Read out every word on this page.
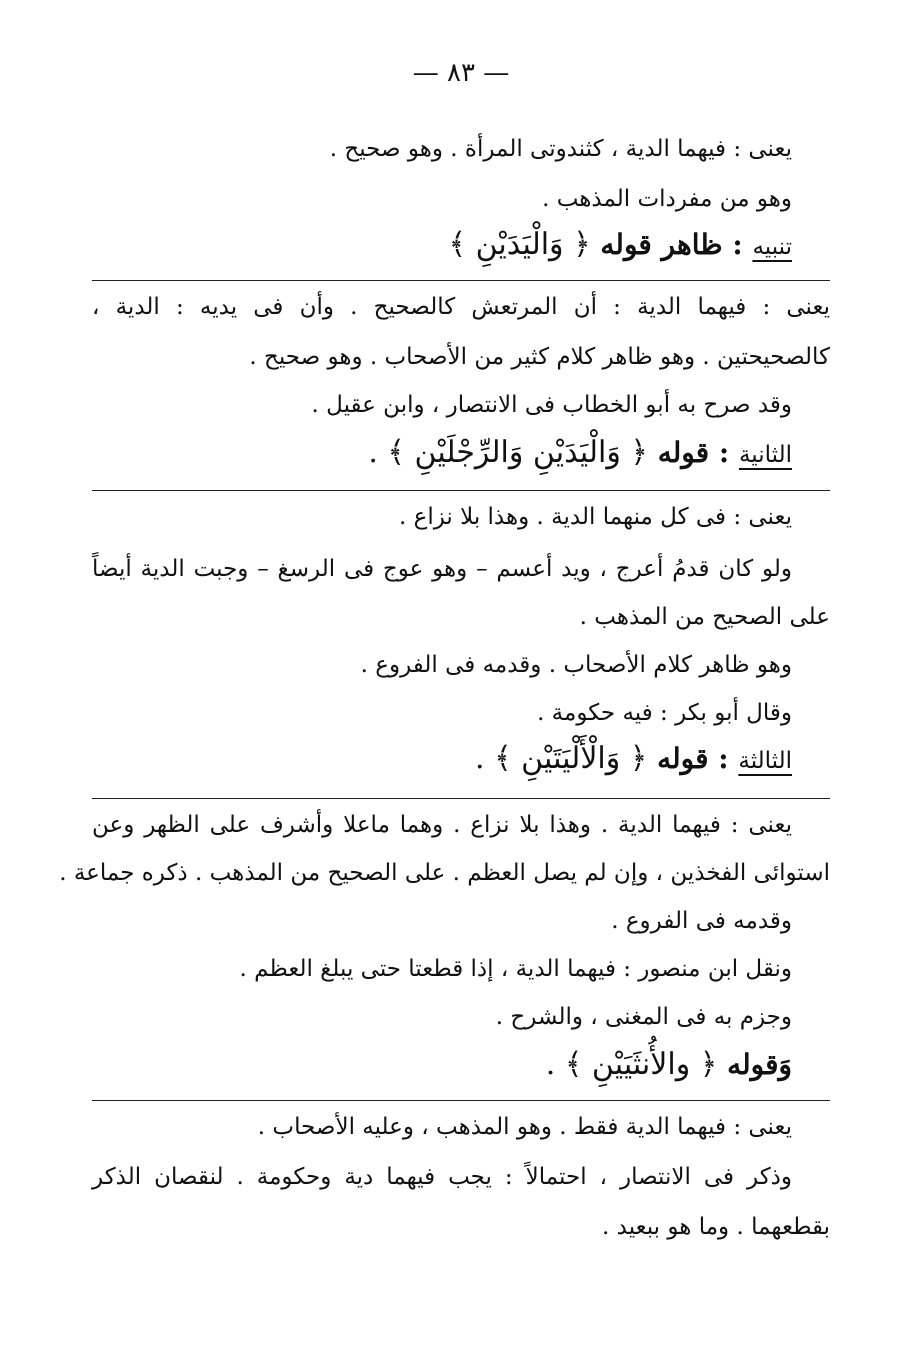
— ٨٣ —
يعنى : فيهما الدية ، كثندوتى المرأة . وهو صحيح .
وهو من مفردات المذهب .
تنبيه : ظاهر قوله ﴿ وَالْيَدَيْنِ ﴾
يعنى : فيهما الدية : أن المرتعش كالصحيح . وأن فى يديه : الدية ،
كالصحيحتين . وهو ظاهر كلام كثير من الأصحاب . وهو صحيح .
وقد صرح به أبو الخطاب فى الانتصار ، وابن عقيل .
الثانية : قوله ﴿ وَالْيَدَيْنِ وَالرِّجْلَيْنِ ﴾ .
يعنى : فى كل منهما الدية . وهذا بلا نزاع .
ولو كان قدمُ أعرج ، ويد أعسم – وهو عوج فى الرسغ – وجبت الدية أيضاً
على الصحيح من المذهب .
وهو ظاهر كلام الأصحاب . وقدمه فى الفروع .
وقال أبو بكر : فيه حكومة .
الثالثة : قوله ﴿ وَالْأَلْيَتَيْنِ ﴾ .
يعنى : فيهما الدية . وهذا بلا نزاع . وهما ماعلا وأشرف على الظهر وعن
استوائى الفخذين ، وإن لم يصل العظم . على الصحيح من المذهب . ذكره جماعة .
وقدمه فى الفروع .
ونقل ابن منصور : فيهما الدية ، إذا قطعتا حتى يبلغ العظم .
وجزم به فى المغنى ، والشرح .
وَقوله ﴿ والأُنثَيَيْنِ ﴾ .
يعنى : فيهما الدية فقط . وهو المذهب ، وعليه الأصحاب .
وذكر فى الانتصار ، احتمالاً : يجب فيهما دية وحكومة . لنقصان الذكر
بقطعهما . وما هو ببعيد .
